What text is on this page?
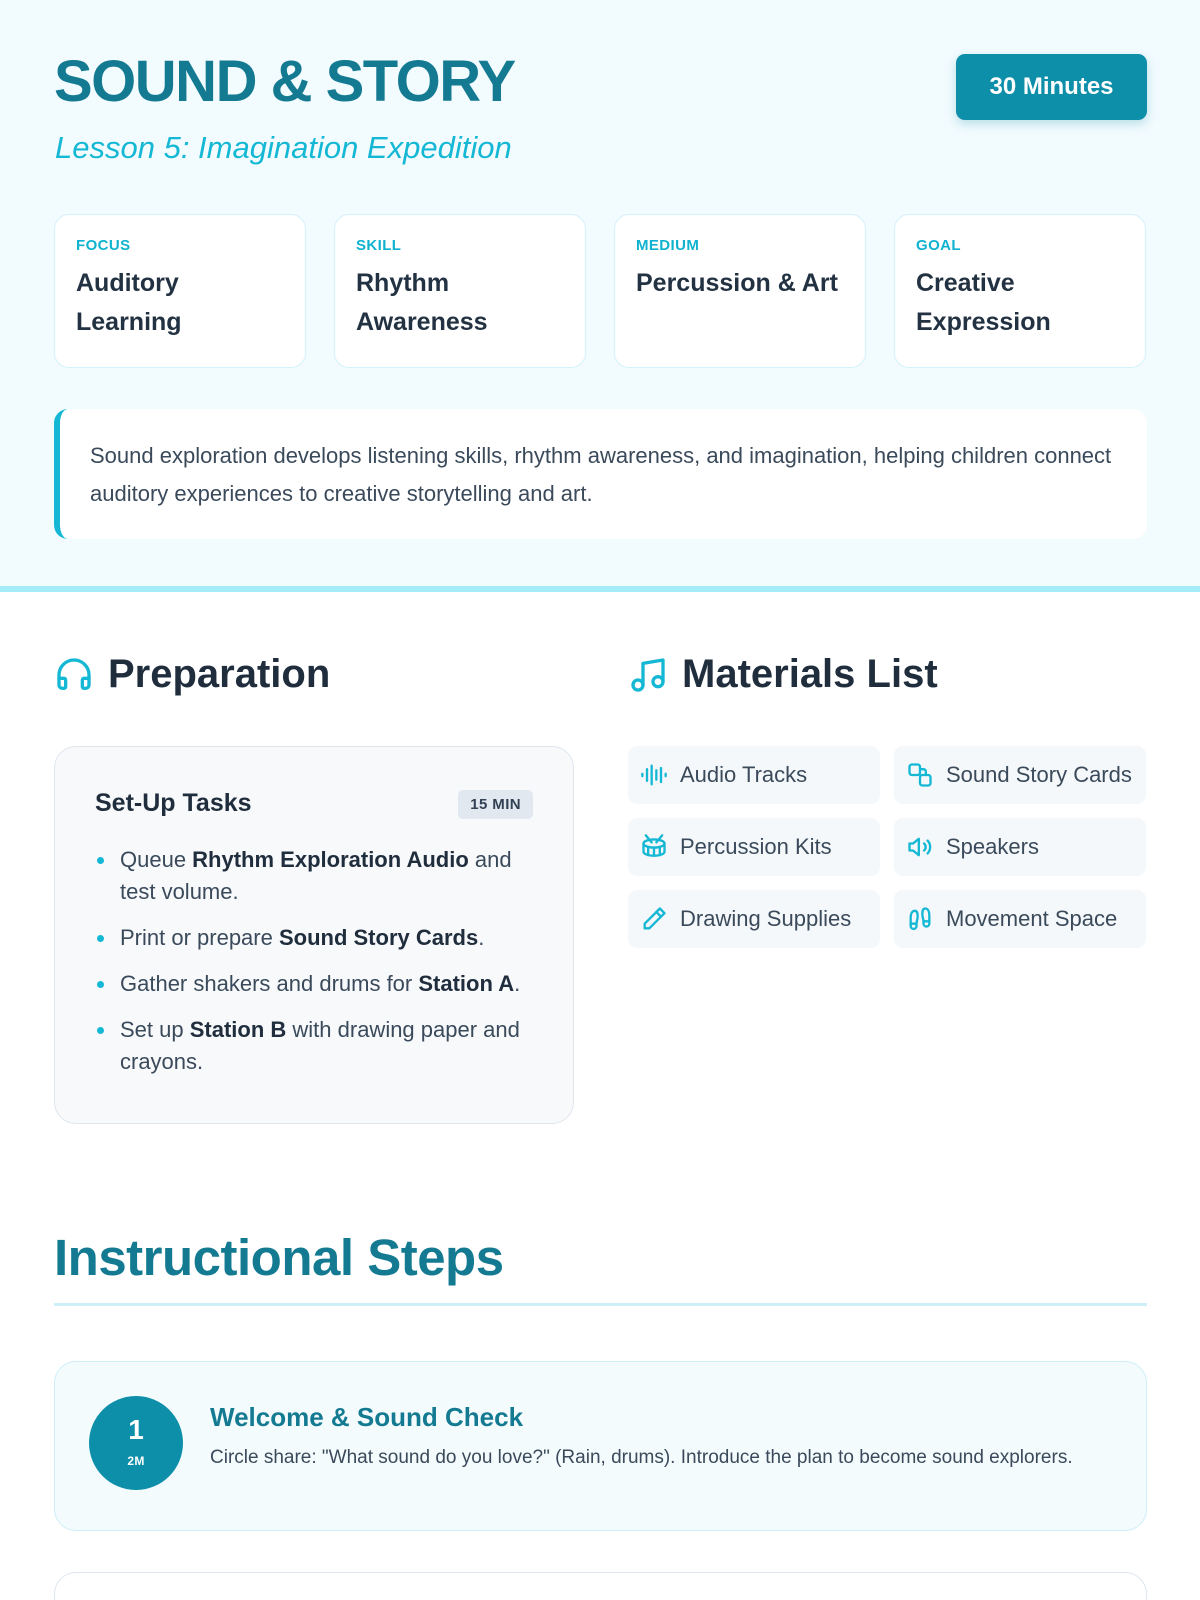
SOUND & STORY
Lesson 5: Imagination Expedition
30 Minutes
FOCUS
Auditory Learning
SKILL
Rhythm Awareness
MEDIUM
Percussion & Art
GOAL
Creative Expression
Sound exploration develops listening skills, rhythm awareness, and imagination, helping children connect auditory experiences to creative storytelling and art.
Preparation
Set-Up Tasks	15 MIN
Queue Rhythm Exploration Audio and test volume.
Print or prepare Sound Story Cards.
Gather shakers and drums for Station A.
Set up Station B with drawing paper and crayons.
Materials List
Audio Tracks	Sound Story Cards
Percussion Kits	Speakers
Drawing Supplies	Movement Space
Instructional Steps
1
2M
Welcome & Sound Check
Circle share: "What sound do you love?" (Rain, drums). Introduce the plan to become sound explorers.
